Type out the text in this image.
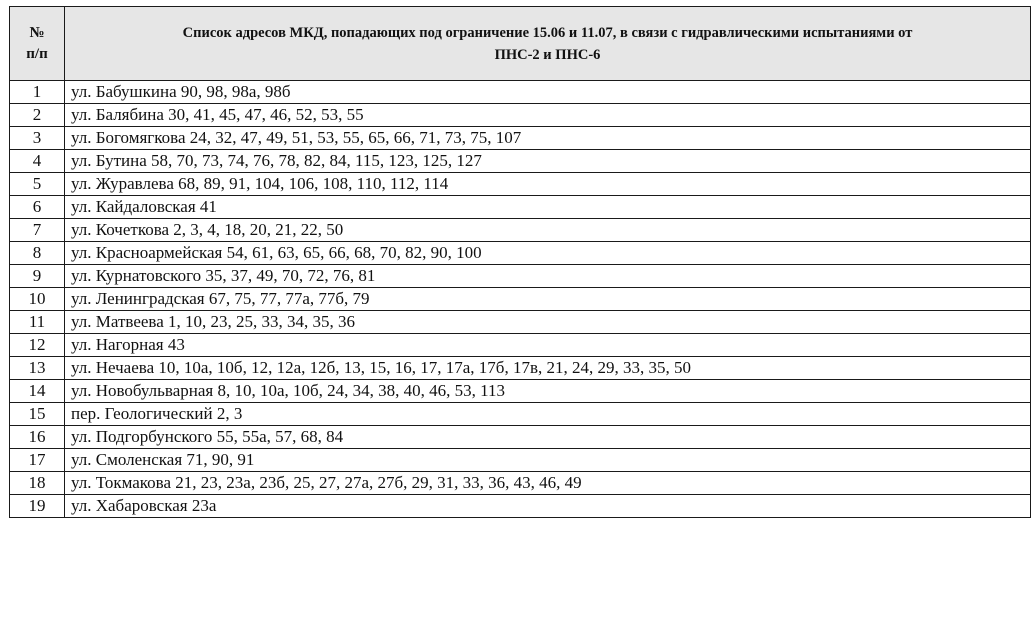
№
п/п	Список адресов МКД, попадающих под ограничение 15.06 и 11.07, в связи с гидравлическими испытаниями от
ПНС-2 и ПНС-6

1	ул. Бабушкина 90, 98, 98а, 98б
2	ул. Балябина 30, 41, 45, 47, 46, 52, 53, 55
3	ул. Богомягкова 24, 32, 47, 49, 51, 53, 55, 65, 66, 71, 73, 75, 107
4	ул. Бутина 58, 70, 73, 74, 76, 78, 82, 84, 115, 123, 125, 127
5	ул. Журавлева 68, 89, 91, 104, 106, 108, 110, 112, 114
6	ул. Кайдаловская 41
7	ул. Кочеткова 2, 3, 4, 18, 20, 21, 22, 50
8	ул. Красноармейская 54, 61, 63, 65, 66, 68, 70, 82, 90, 100
9	ул. Курнатовского 35, 37, 49, 70, 72, 76, 81
10	ул. Ленинградская 67, 75, 77, 77а, 77б, 79
11	ул. Матвеева 1, 10, 23, 25, 33, 34, 35, 36
12	ул. Нагорная 43
13	ул. Нечаева 10, 10а, 10б, 12, 12а, 12б, 13, 15, 16, 17, 17а, 17б, 17в, 21, 24, 29, 33, 35, 50
14	ул. Новобульварная 8, 10, 10а, 10б, 24, 34, 38, 40, 46, 53, 113
15	пер. Геологический 2, 3
16	ул. Подгорбунского 55, 55а, 57, 68, 84
17	ул. Смоленская 71, 90, 91
18	ул. Токмакова 21, 23, 23а, 23б, 25, 27, 27а, 27б, 29, 31, 33, 36, 43, 46, 49
19	ул. Хабаровская 23а
